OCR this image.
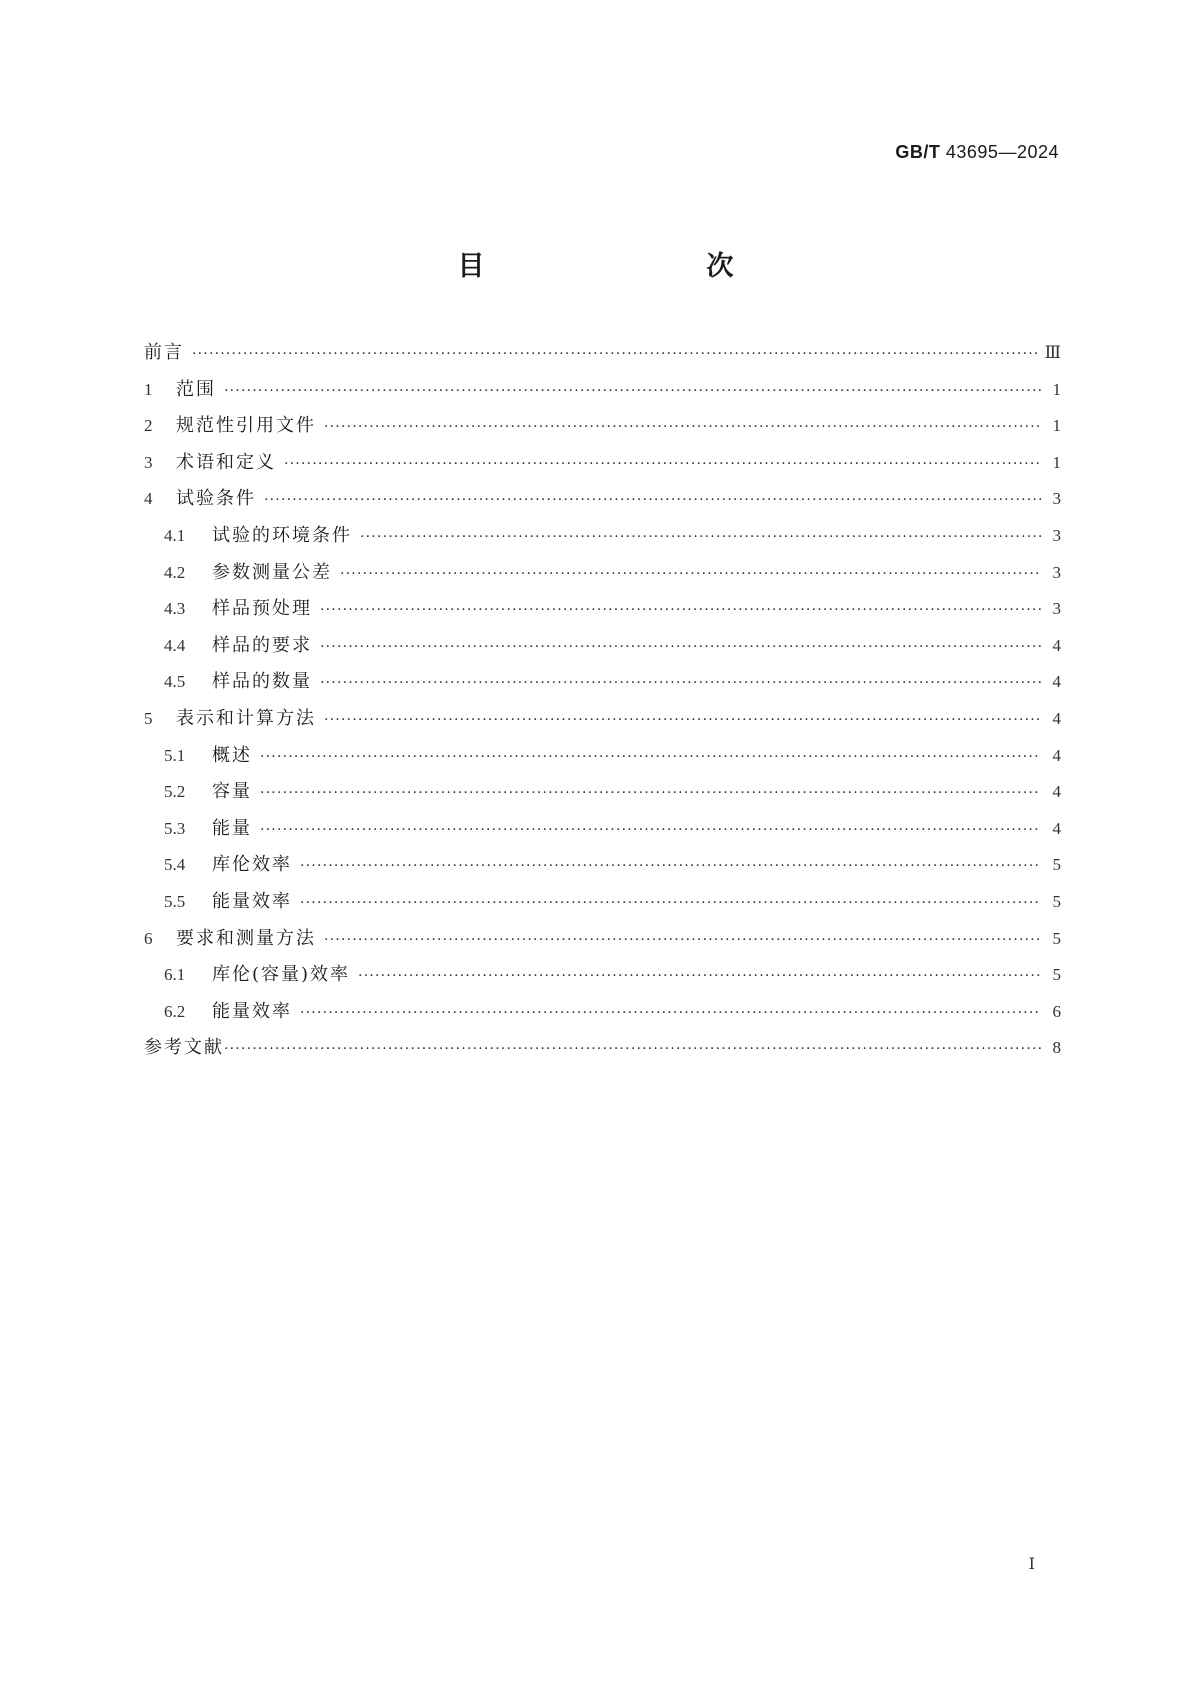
GB/T 43695—2024
目　　次
前言 ·····	Ⅲ
1	范围 ·····	1
2	规范性引用文件 ·····	1
3	术语和定义 ·····	1
4	试验条件 ·····	3
4.1	试验的环境条件 ·····	3
4.2	参数测量公差 ·····	3
4.3	样品预处理 ·····	3
4.4	样品的要求 ·····	4
4.5	样品的数量 ·····	4
5	表示和计算方法 ·····	4
5.1	概述 ·····	4
5.2	容量 ·····	4
5.3	能量 ·····	4
5.4	库伦效率 ·····	5
5.5	能量效率 ·····	5
6	要求和测量方法 ·····	5
6.1	库伦(容量)效率 ·····	5
6.2	能量效率 ·····	6
参考文献 ·····	8
Ⅰ
